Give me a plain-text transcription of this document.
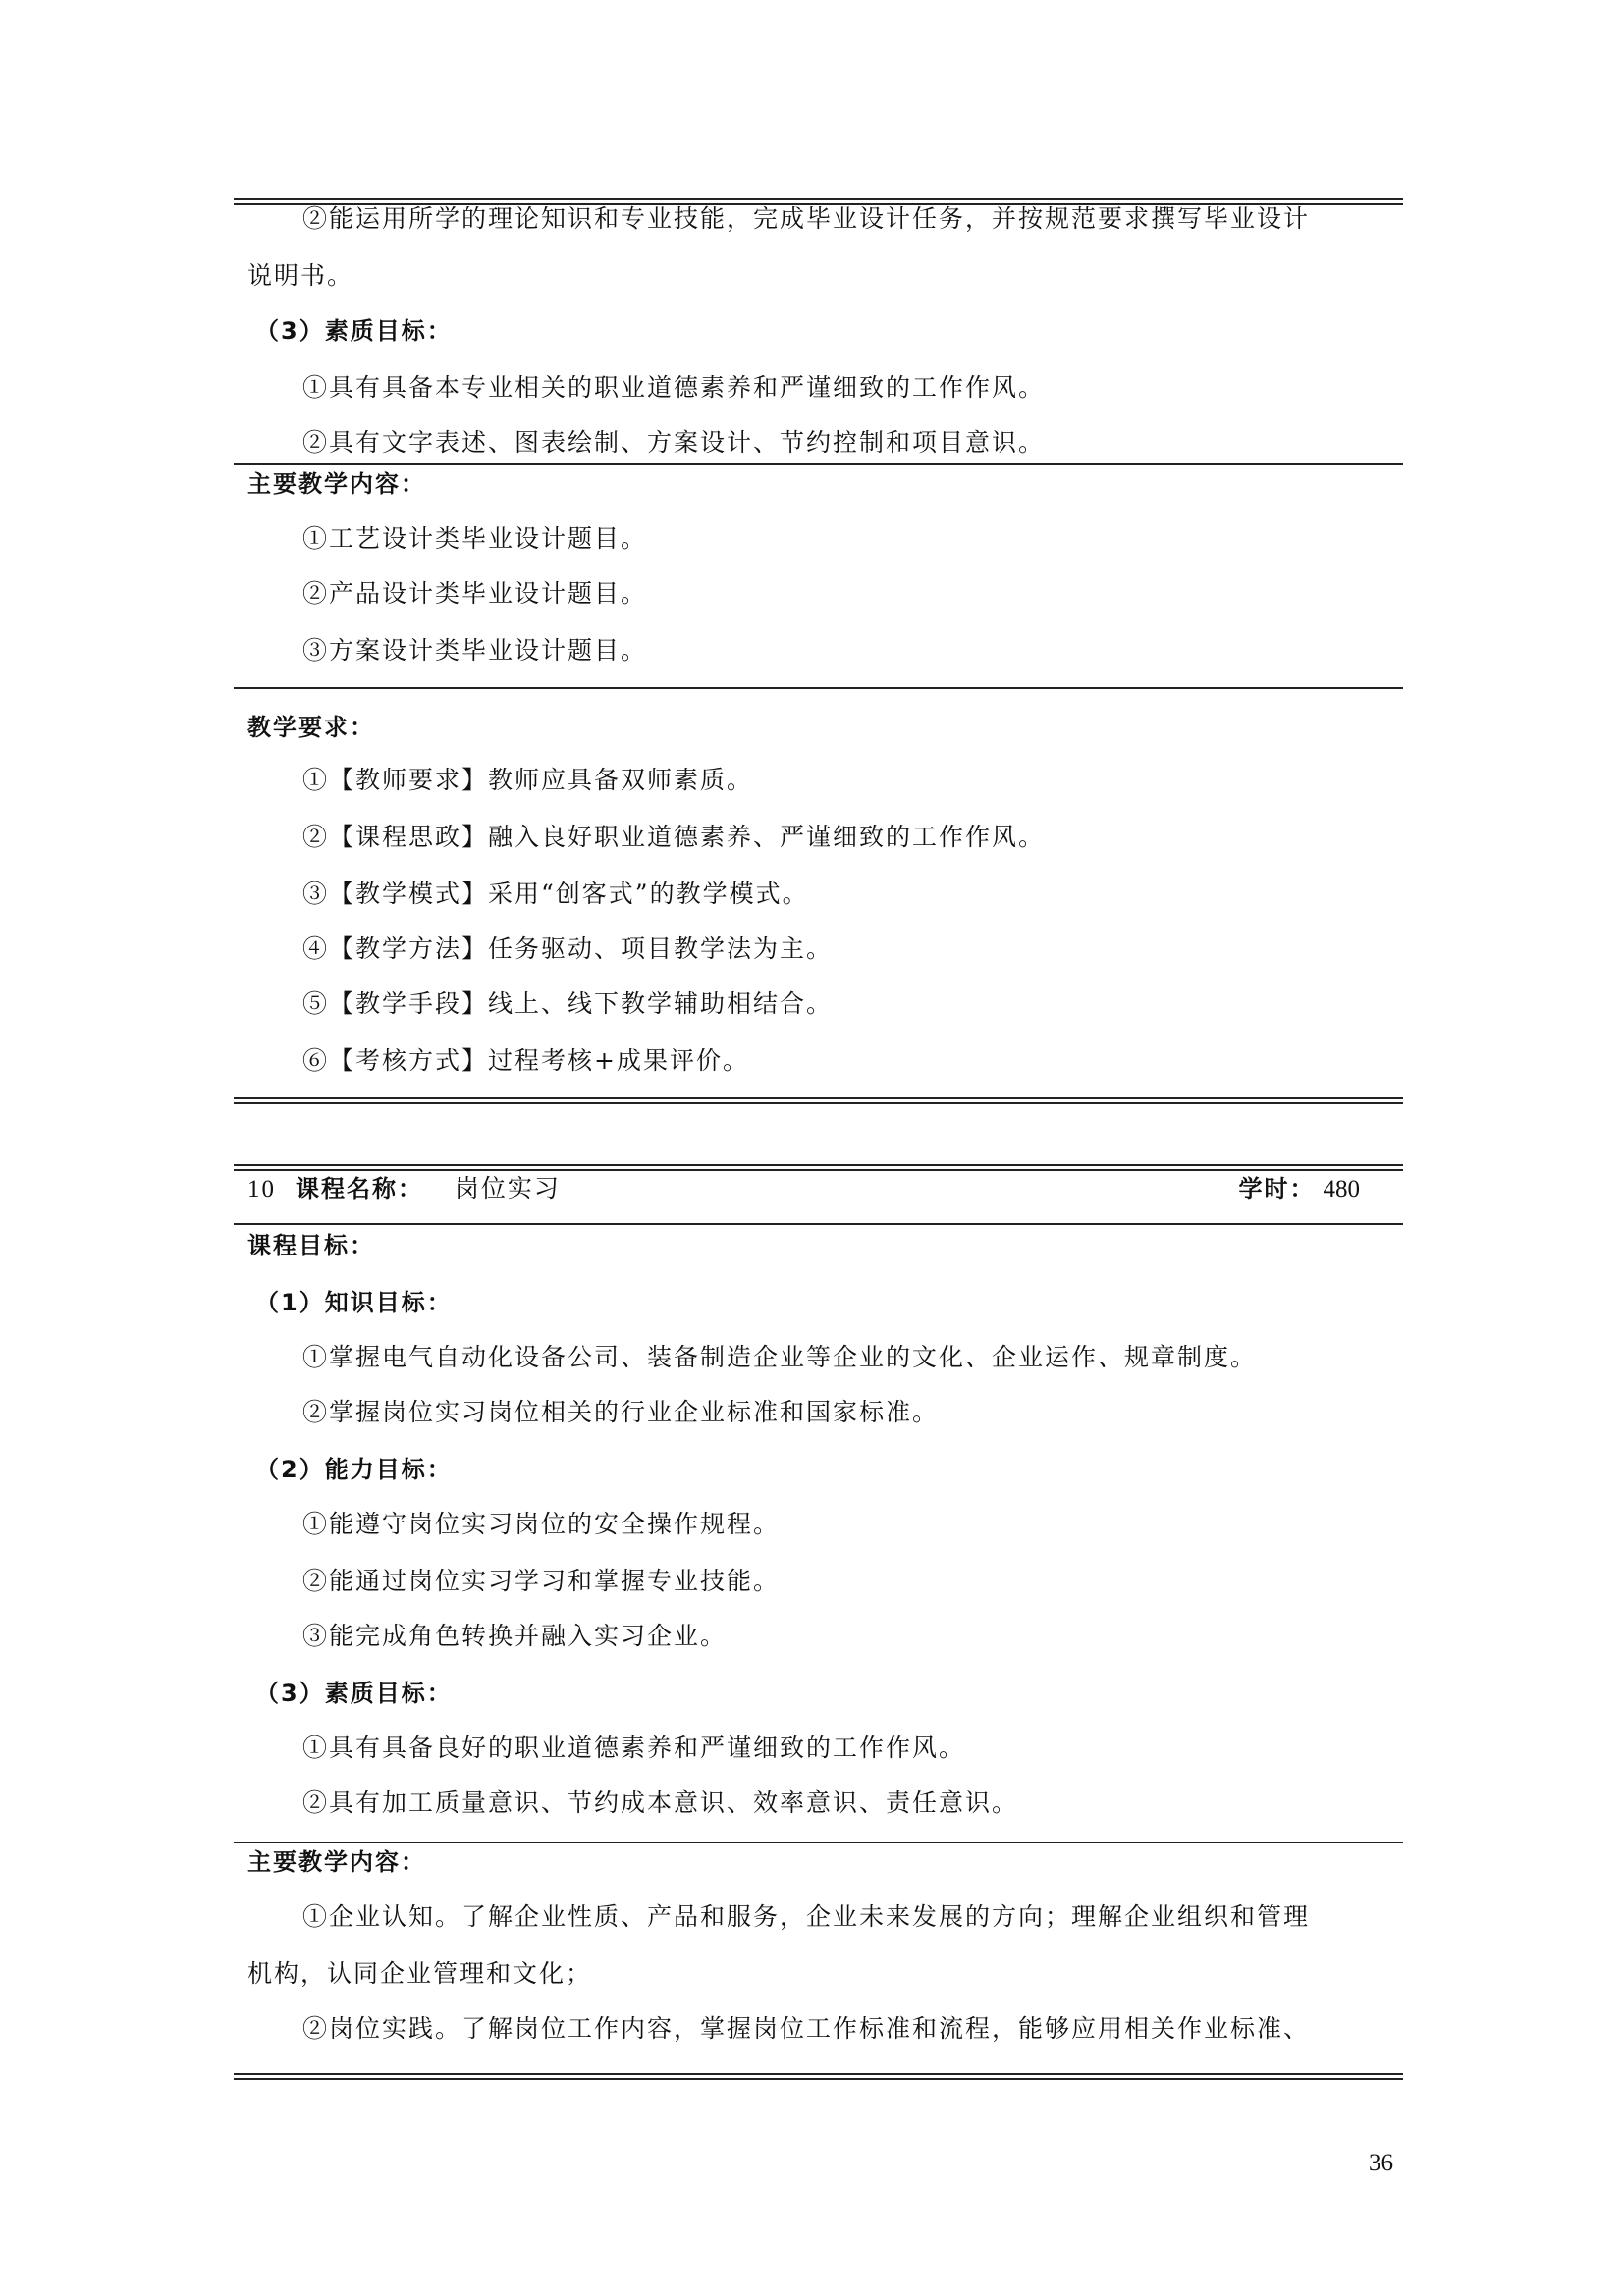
②能运用所学的理论知识和专业技能，完成毕业设计任务，并按规范要求撰写毕业设计
说明书。
（3）素质目标：
①具有具备本专业相关的职业道德素养和严谨细致的工作作风。
②具有文字表述、图表绘制、方案设计、节约控制和项目意识。
主要教学内容：
①工艺设计类毕业设计题目。
②产品设计类毕业设计题目。
③方案设计类毕业设计题目。
教学要求：
①【教师要求】教师应具备双师素质。
②【课程思政】融入良好职业道德素养、严谨细致的工作作风。
③【教学模式】采用“创客式”的教学模式。
④【教学方法】任务驱动、项目教学法为主。
⑤【教学手段】线上、线下教学辅助相结合。
⑥【考核方式】过程考核+成果评价。
10 课程名称： 岗位实习	学时： 480
课程目标：
（1）知识目标：
①掌握电气自动化设备公司、装备制造企业等企业的文化、企业运作、规章制度。
②掌握岗位实习岗位相关的行业企业标准和国家标准。
（2）能力目标：
①能遵守岗位实习岗位的安全操作规程。
②能通过岗位实习学习和掌握专业技能。
③能完成角色转换并融入实习企业。
（3）素质目标：
①具有具备良好的职业道德素养和严谨细致的工作作风。
②具有加工质量意识、节约成本意识、效率意识、责任意识。
主要教学内容：
①企业认知。了解企业性质、产品和服务，企业未来发展的方向；理解企业组织和管理
机构，认同企业管理和文化；
②岗位实践。了解岗位工作内容，掌握岗位工作标准和流程，能够应用相关作业标准、
36
